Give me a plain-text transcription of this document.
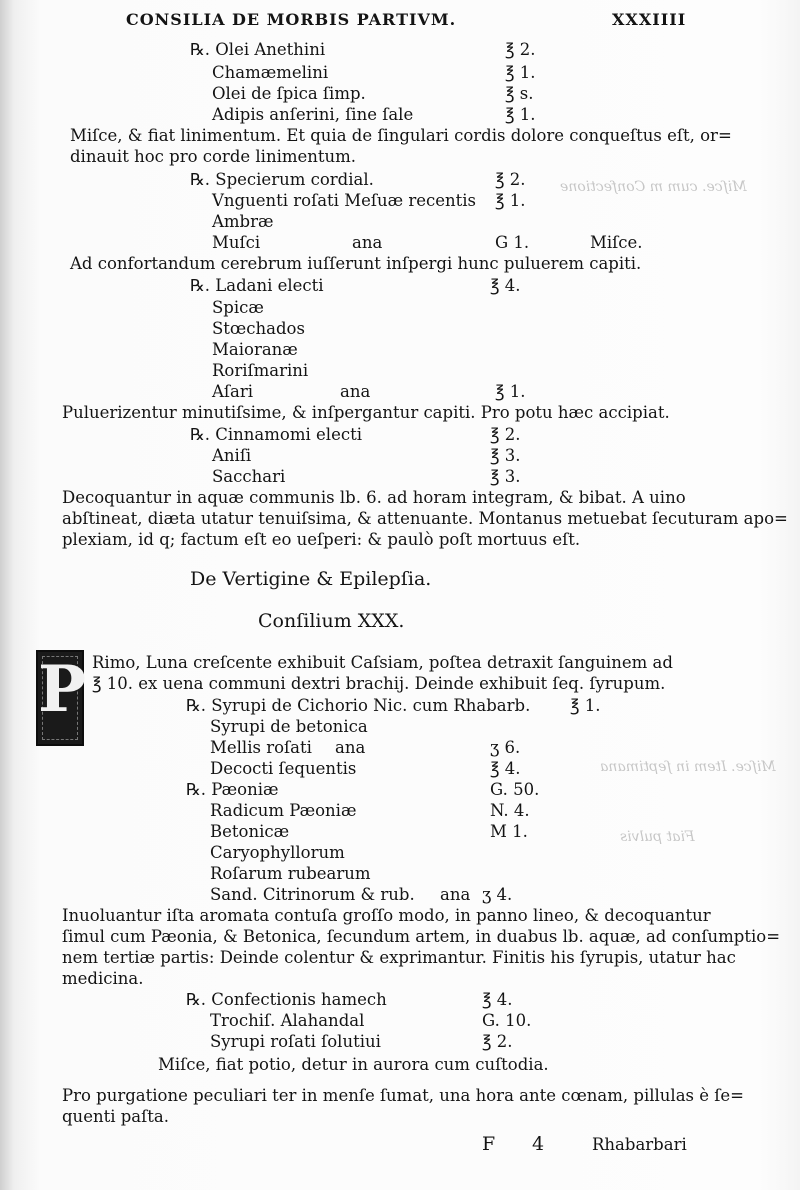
Miſce. cum m Confectione
Miſce. Item in ſeptimana
Fiat pulvis
CONSILIA DE MORBIS PARTIVM.	XXXIIII
℞. Olei Anethini	℥ 2.
Chamæmelini	℥ 1.
Olei de ſpica ſimp.	℥ s.
Adipis anſerini, ſine ſale	℥ 1.
Miſce, & fiat linimentum. Et quia de ſingulari cordis dolore conqueſtus eſt, or=
dinauit hoc pro corde linimentum.
℞. Specierum cordial.	℥ 2.
Vnguenti roſati Meſuæ recentis ℥ 1.
Ambræ
Muſci	ana	G 1.	Miſce.
Ad confortandum cerebrum iuſſerunt inſpergi hunc puluerem capiti.
℞. Ladani electi	℥ 4.
Spicæ
Stœchados
Maioranæ
Roriſmarini
Aſari	ana	℥ 1.
Puluerizentur minutiſsime, & inſpergantur capiti. Pro potu hæc accipiat.
℞. Cinnamomi electi	℥ 2.
Aniſi	℥ 3.
Sacchari	℥ 3.
Decoquantur in aquæ communis lb. 6. ad horam integram, & bibat. A uino
abſtineat, diæta utatur tenuiſsima, & attenuante. Montanus metuebat ſecuturam apo=
plexiam, id q; factum eſt eo ueſperi: & paulò poſt mortuus eſt.
De Vertigine & Epilepſia.
Conſilium XXX.
P Rimo, Luna creſcente exhibuit Caſsiam, poſtea detraxit ſanguinem ad
℥ 10. ex uena communi dextri brachij. Deinde exhibuit ſeq. ſyrupum.
℞. Syrupi de Cichorio Nic. cum Rhabarb. ℥ 1.
Syrupi de betonica
Mellis roſati ana	ʒ 6.
Decocti ſequentis	℥ 4.
℞. Pæoniæ	G. 50.
Radicum Pæoniæ	N. 4.
Betonicæ	M 1.
Caryophyllorum
Roſarum rubearum
Sand. Citrinorum & rub. ana ʒ 4.
Inuoluantur iſta aromata contuſa groſſo modo, in panno lineo, & decoquantur
ſimul cum Pæonia, & Betonica, ſecundum artem, in duabus lb. aquæ, ad conſumptio=
nem tertiæ partis: Deinde colentur & exprimantur. Finitis his ſyrupis, utatur hac
medicina.
℞. Confectionis hamech	℥ 4.
Trochiſ. Alahandal	G. 10.
Syrupi roſati ſolutiui	℥ 2.
Miſce, fiat potio, detur in aurora cum cuſtodia.
Pro purgatione peculiari ter in menſe ſumat, una hora ante cœnam, pillulas è ſe=
quenti paſta.
F 4	Rhabarbari
